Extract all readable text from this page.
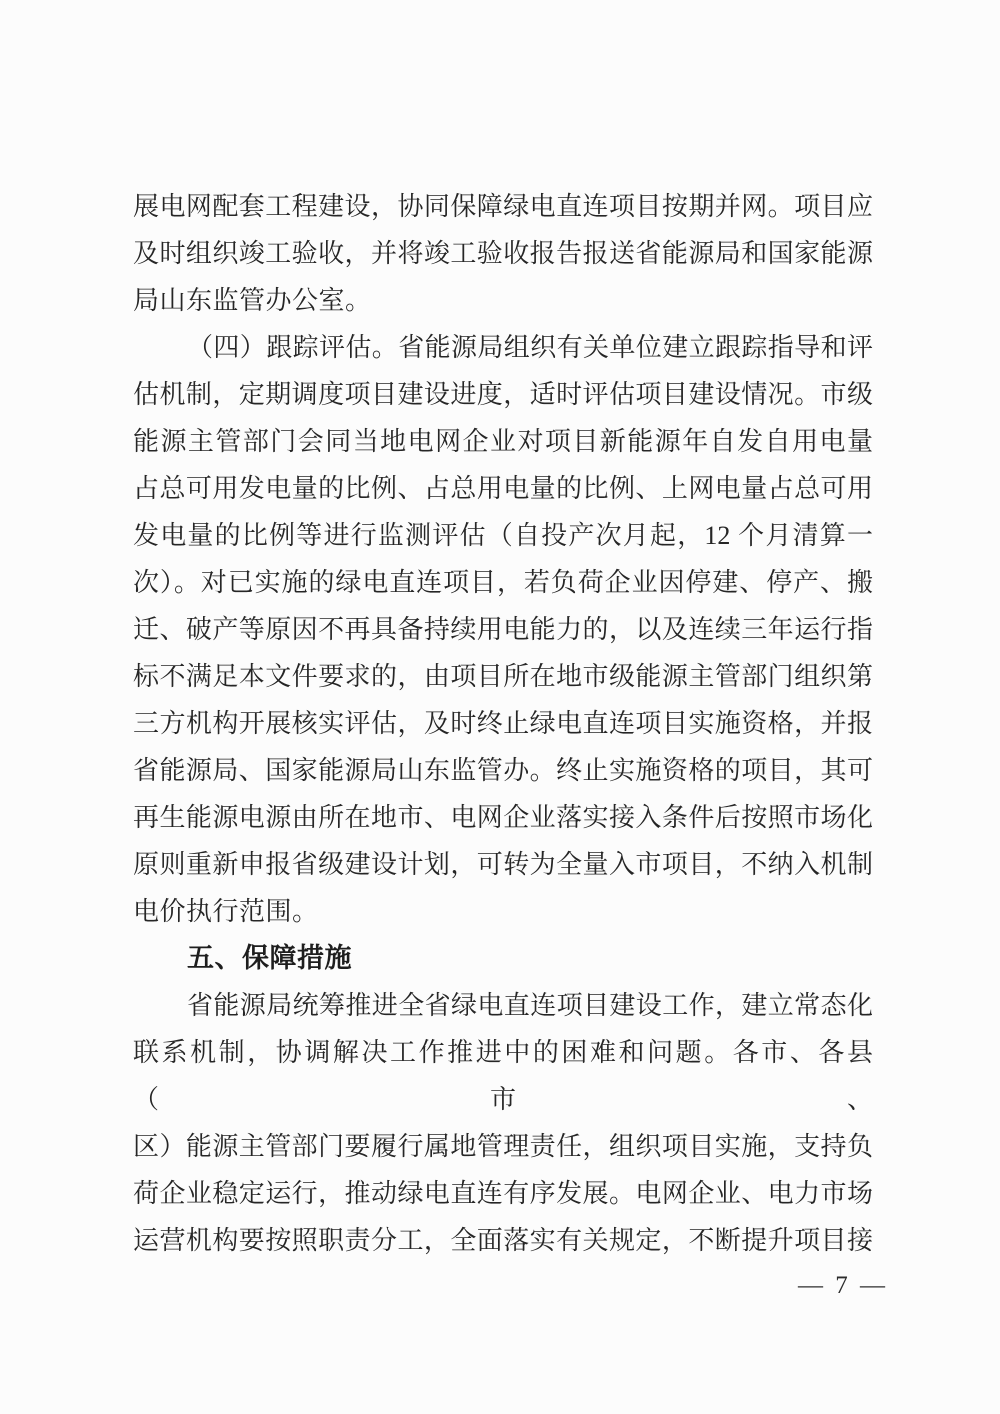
展电网配套工程建设，协同保障绿电直连项目按期并网。项目应
及时组织竣工验收，并将竣工验收报告报送省能源局和国家能源
局山东监管办公室。
（四）跟踪评估。省能源局组织有关单位建立跟踪指导和评
估机制，定期调度项目建设进度，适时评估项目建设情况。市级
能源主管部门会同当地电网企业对项目新能源年自发自用电量
占总可用发电量的比例、占总用电量的比例、上网电量占总可用
发电量的比例等进行监测评估（自投产次月起，12 个月清算一
次）。对已实施的绿电直连项目，若负荷企业因停建、停产、搬
迁、破产等原因不再具备持续用电能力的，以及连续三年运行指
标不满足本文件要求的，由项目所在地市级能源主管部门组织第
三方机构开展核实评估，及时终止绿电直连项目实施资格，并报
省能源局、国家能源局山东监管办。终止实施资格的项目，其可
再生能源电源由所在地市、电网企业落实接入条件后按照市场化
原则重新申报省级建设计划，可转为全量入市项目，不纳入机制
电价执行范围。
五、保障措施
省能源局统筹推进全省绿电直连项目建设工作，建立常态化
联系机制，协调解决工作推进中的困难和问题。各市、各县（市、
区）能源主管部门要履行属地管理责任，组织项目实施，支持负
荷企业稳定运行，推动绿电直连有序发展。电网企业、电力市场
运营机构要按照职责分工，全面落实有关规定，不断提升项目接
— 7 —
